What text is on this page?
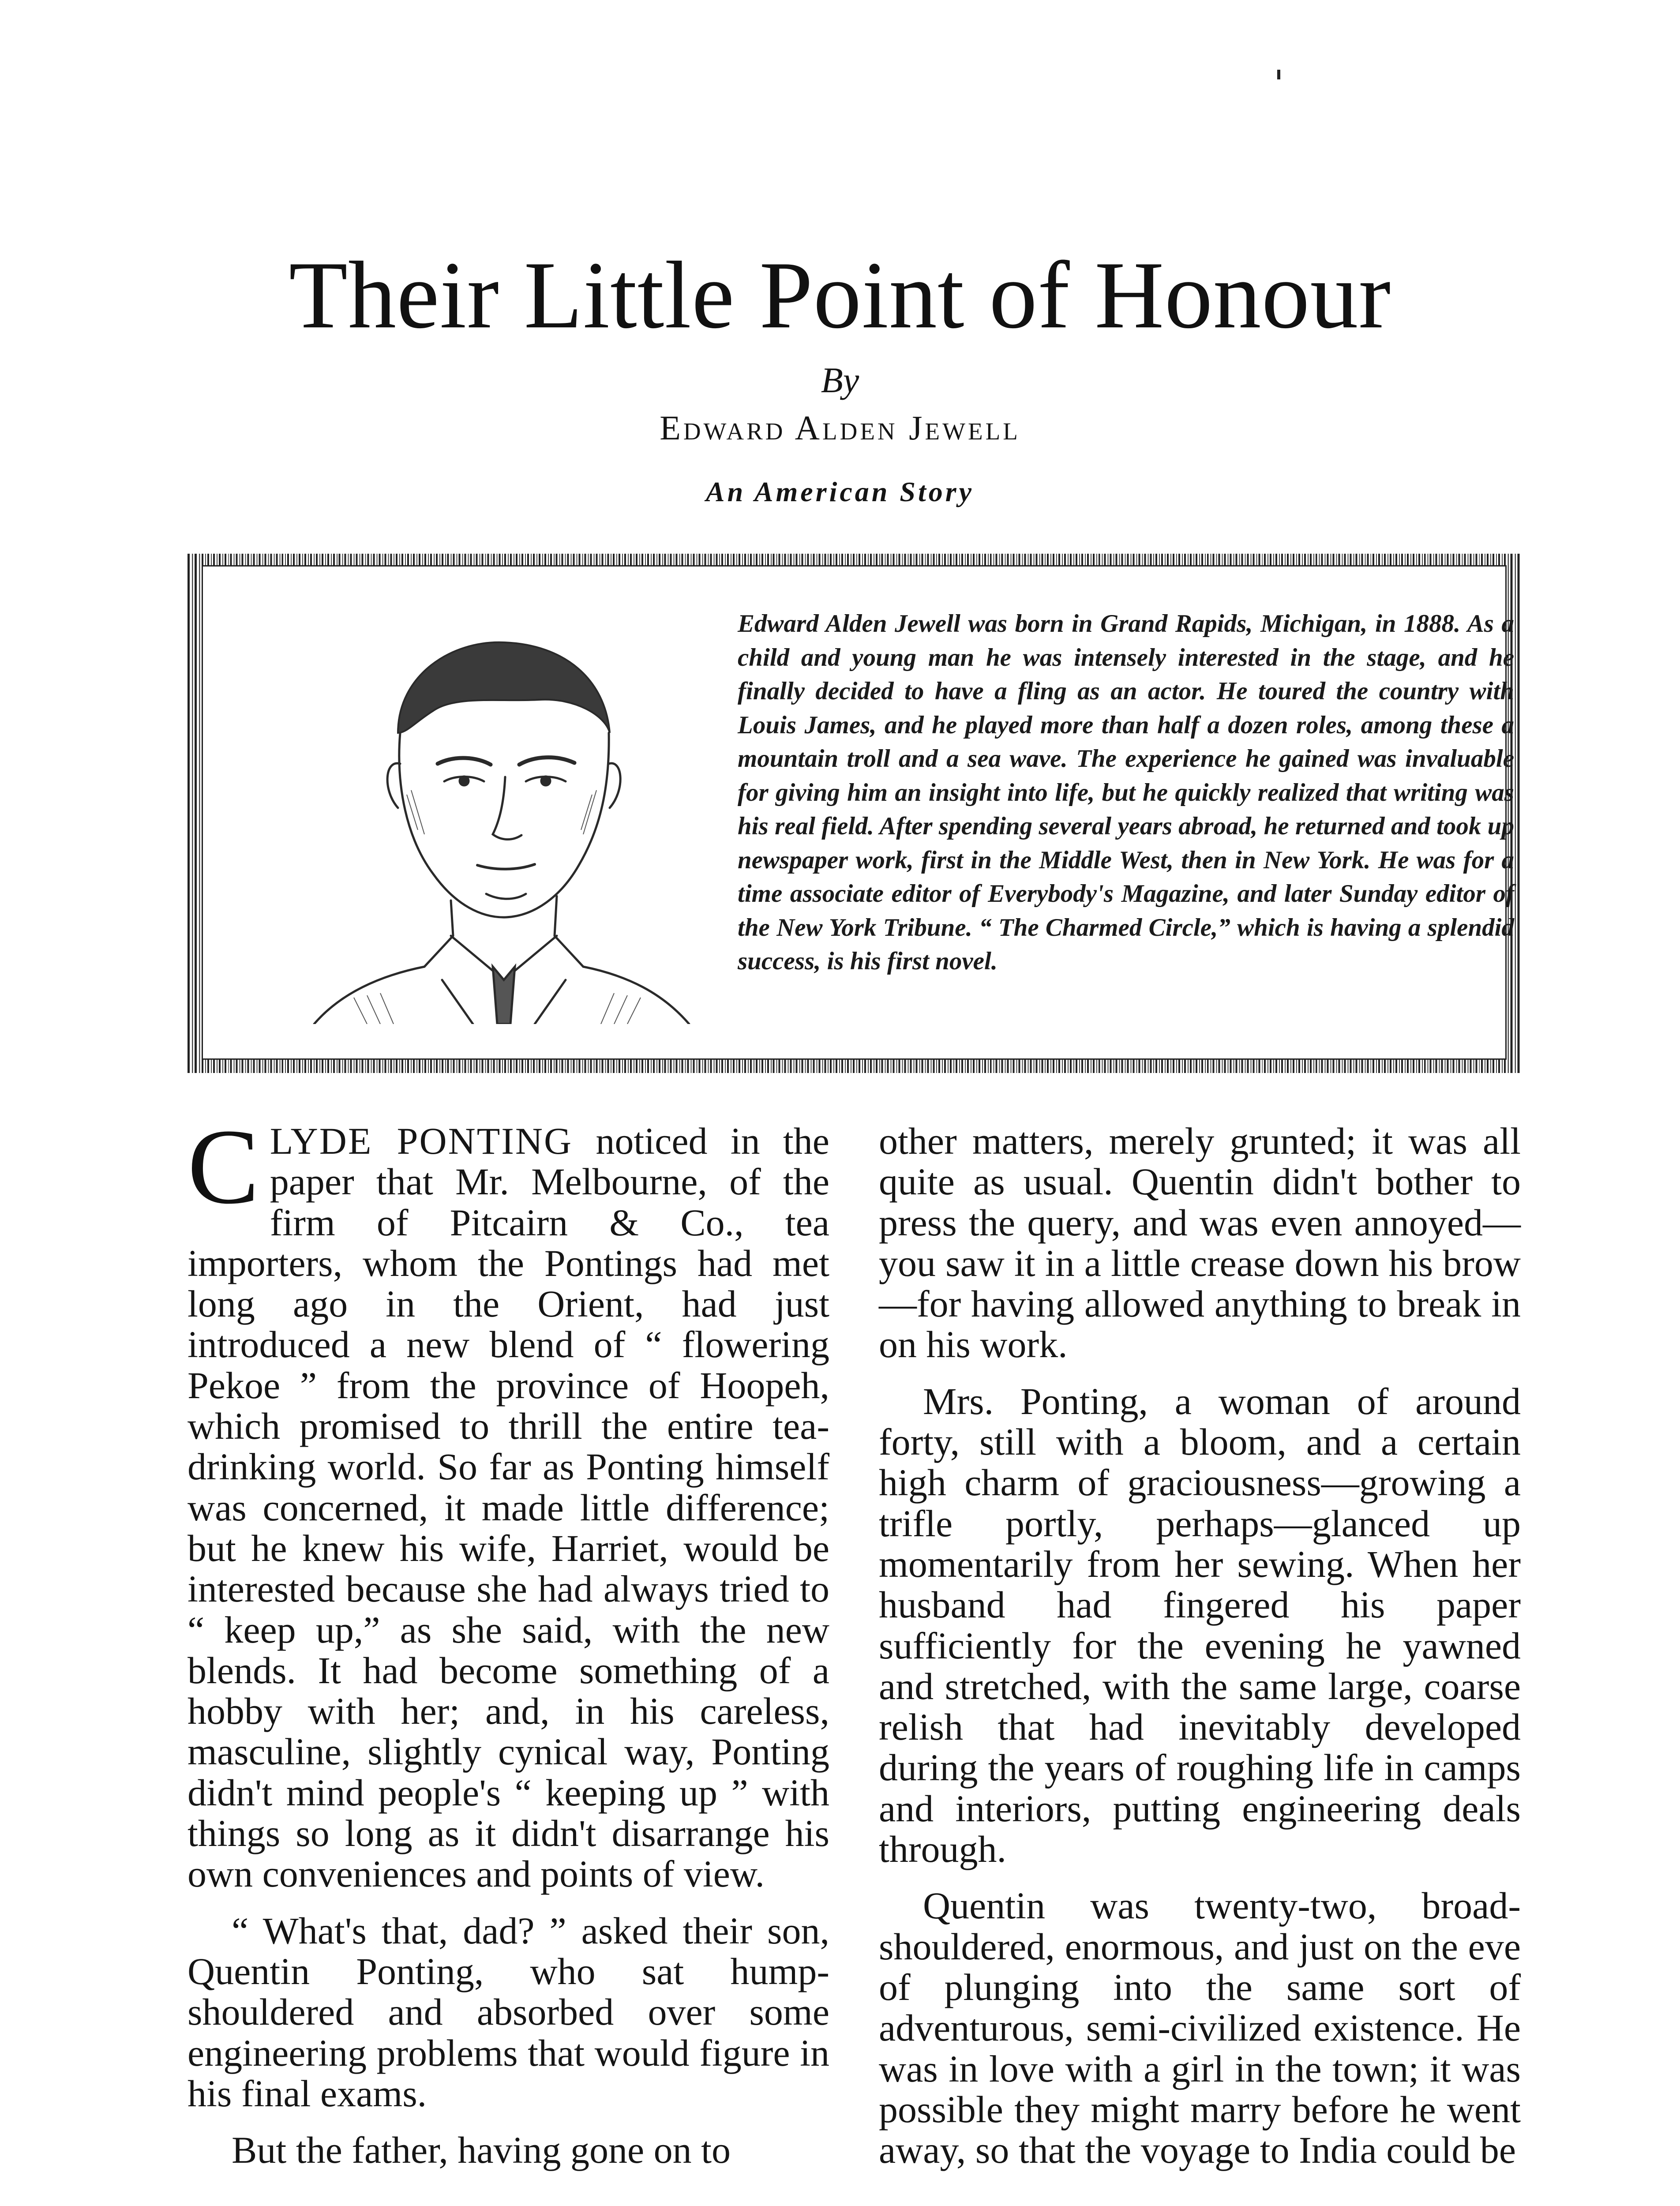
Their Little Point of Honour
By
Edward Alden Jewell
An American Story
Edward Alden Jewell was born in Grand Rapids, Michigan, in 1888. As a child and young man he was intensely interested in the stage, and he finally decided to have a fling as an actor. He toured the country with Louis James, and he played more than half a dozen roles, among these a mountain troll and a sea wave. The experience he gained was invaluable for giving him an insight into life, but he quickly realized that writing was his real field. After spending several years abroad, he returned and took up newspaper work, first in the Middle West, then in New York. He was for a time associate editor of Everybody's Magazine, and later Sunday editor of the New York Tribune. “ The Charmed Circle,” which is having a splendid success, is his first novel.

CLYDE PONTING noticed in the paper that Mr. Melbourne, of the firm of Pitcairn & Co., tea importers, whom the Pontings had met long ago in the Orient, had just introduced a new blend of “ flowering Pekoe ” from the province of Hoopeh, which promised to thrill the entire tea-drinking world. So far as Ponting himself was concerned, it made little difference; but he knew his wife, Harriet, would be interested because she had always tried to “ keep up,” as she said, with the new blends. It had become something of a hobby with her; and, in his careless, masculine, slightly cynical way, Ponting didn't mind people's “ keeping up ” with things so long as it didn't disarrange his own conveniences and points of view.

“ What's that, dad? ” asked their son, Quentin Ponting, who sat hump-shouldered and absorbed over some engineering problems that would figure in his final exams.

But the father, having gone on to

other matters, merely grunted; it was all quite as usual. Quentin didn't bother to press the query, and was even annoyed—you saw it in a little crease down his brow—for having allowed anything to break in on his work.

Mrs. Ponting, a woman of around forty, still with a bloom, and a certain high charm of graciousness—growing a trifle portly, perhaps—glanced up momentarily from her sewing. When her husband had fingered his paper sufficiently for the evening he yawned and stretched, with the same large, coarse relish that had inevitably developed during the years of roughing life in camps and interiors, putting engineering deals through.

Quentin was twenty-two, broad-shouldered, enormous, and just on the eve of plunging into the same sort of adventurous, semi-civilized existence. He was in love with a girl in the town; it was possible they might marry before he went away, so that the voyage to India could be
